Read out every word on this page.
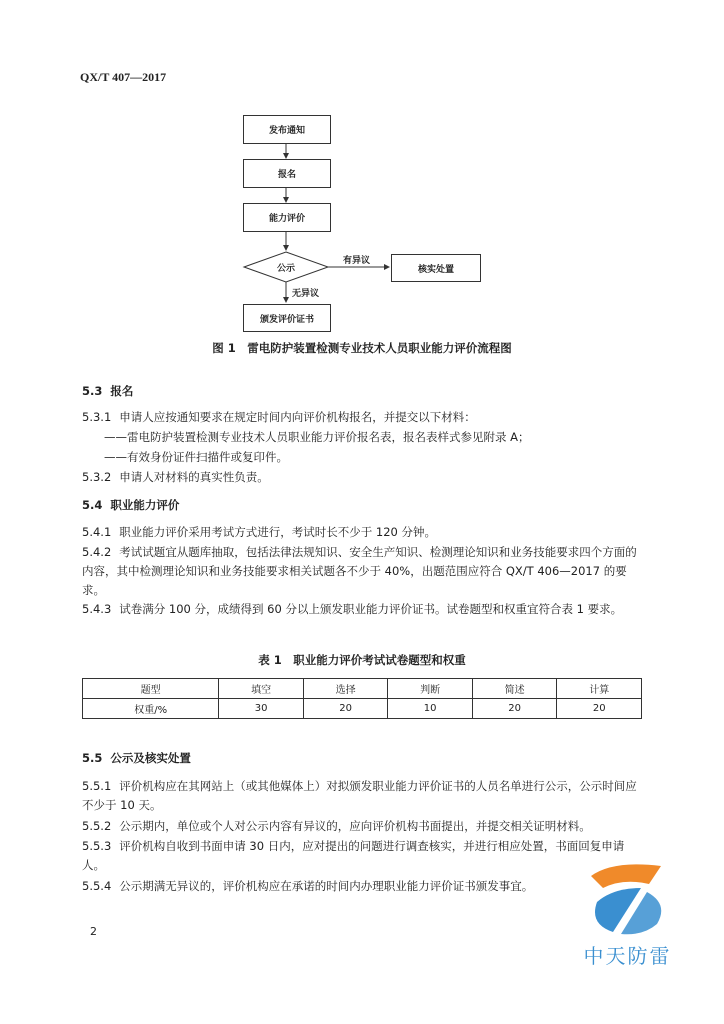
QX/T 407—2017
发布通知
报名
能力评价
公示	核实处置
有异议
无异议
颁发评价证书
图 1　雷电防护装置检测专业技术人员职业能力评价流程图
5.3 报名
5.3.1 申请人应按通知要求在规定时间内向评价机构报名，并提交以下材料：
——雷电防护装置检测专业技术人员职业能力评价报名表，报名表样式参见附录 A；
——有效身份证件扫描件或复印件。
5.3.2 申请人对材料的真实性负责。
5.4 职业能力评价
5.4.1 职业能力评价采用考试方式进行，考试时长不少于 120 分钟。
5.4.2 考试试题宜从题库抽取，包括法律法规知识、安全生产知识、检测理论知识和业务技能要求四个方面的内容，其中检测理论知识和业务技能要求相关试题各不少于 40%，出题范围应符合 QX/T 406—2017 的要求。
5.4.3 试卷满分 100 分，成绩得到 60 分以上颁发职业能力评价证书。试卷题型和权重宜符合表 1 要求。
表 1　职业能力评价考试试卷题型和权重
题型	填空	选择	判断	简述	计算
权重/%	30	20	10	20	20
5.5 公示及核实处置
5.5.1 评价机构应在其网站上（或其他媒体上）对拟颁发职业能力评价证书的人员名单进行公示，公示时间应不少于 10 天。
5.5.2 公示期内，单位或个人对公示内容有异议的，应向评价机构书面提出，并提交相关证明材料。
5.5.3 评价机构自收到书面申请 30 日内，应对提出的问题进行调查核实，并进行相应处置，书面回复申请人。
5.5.4 公示期满无异议的，评价机构应在承诺的时间内办理职业能力评价证书颁发事宜。
2
中天防雷
